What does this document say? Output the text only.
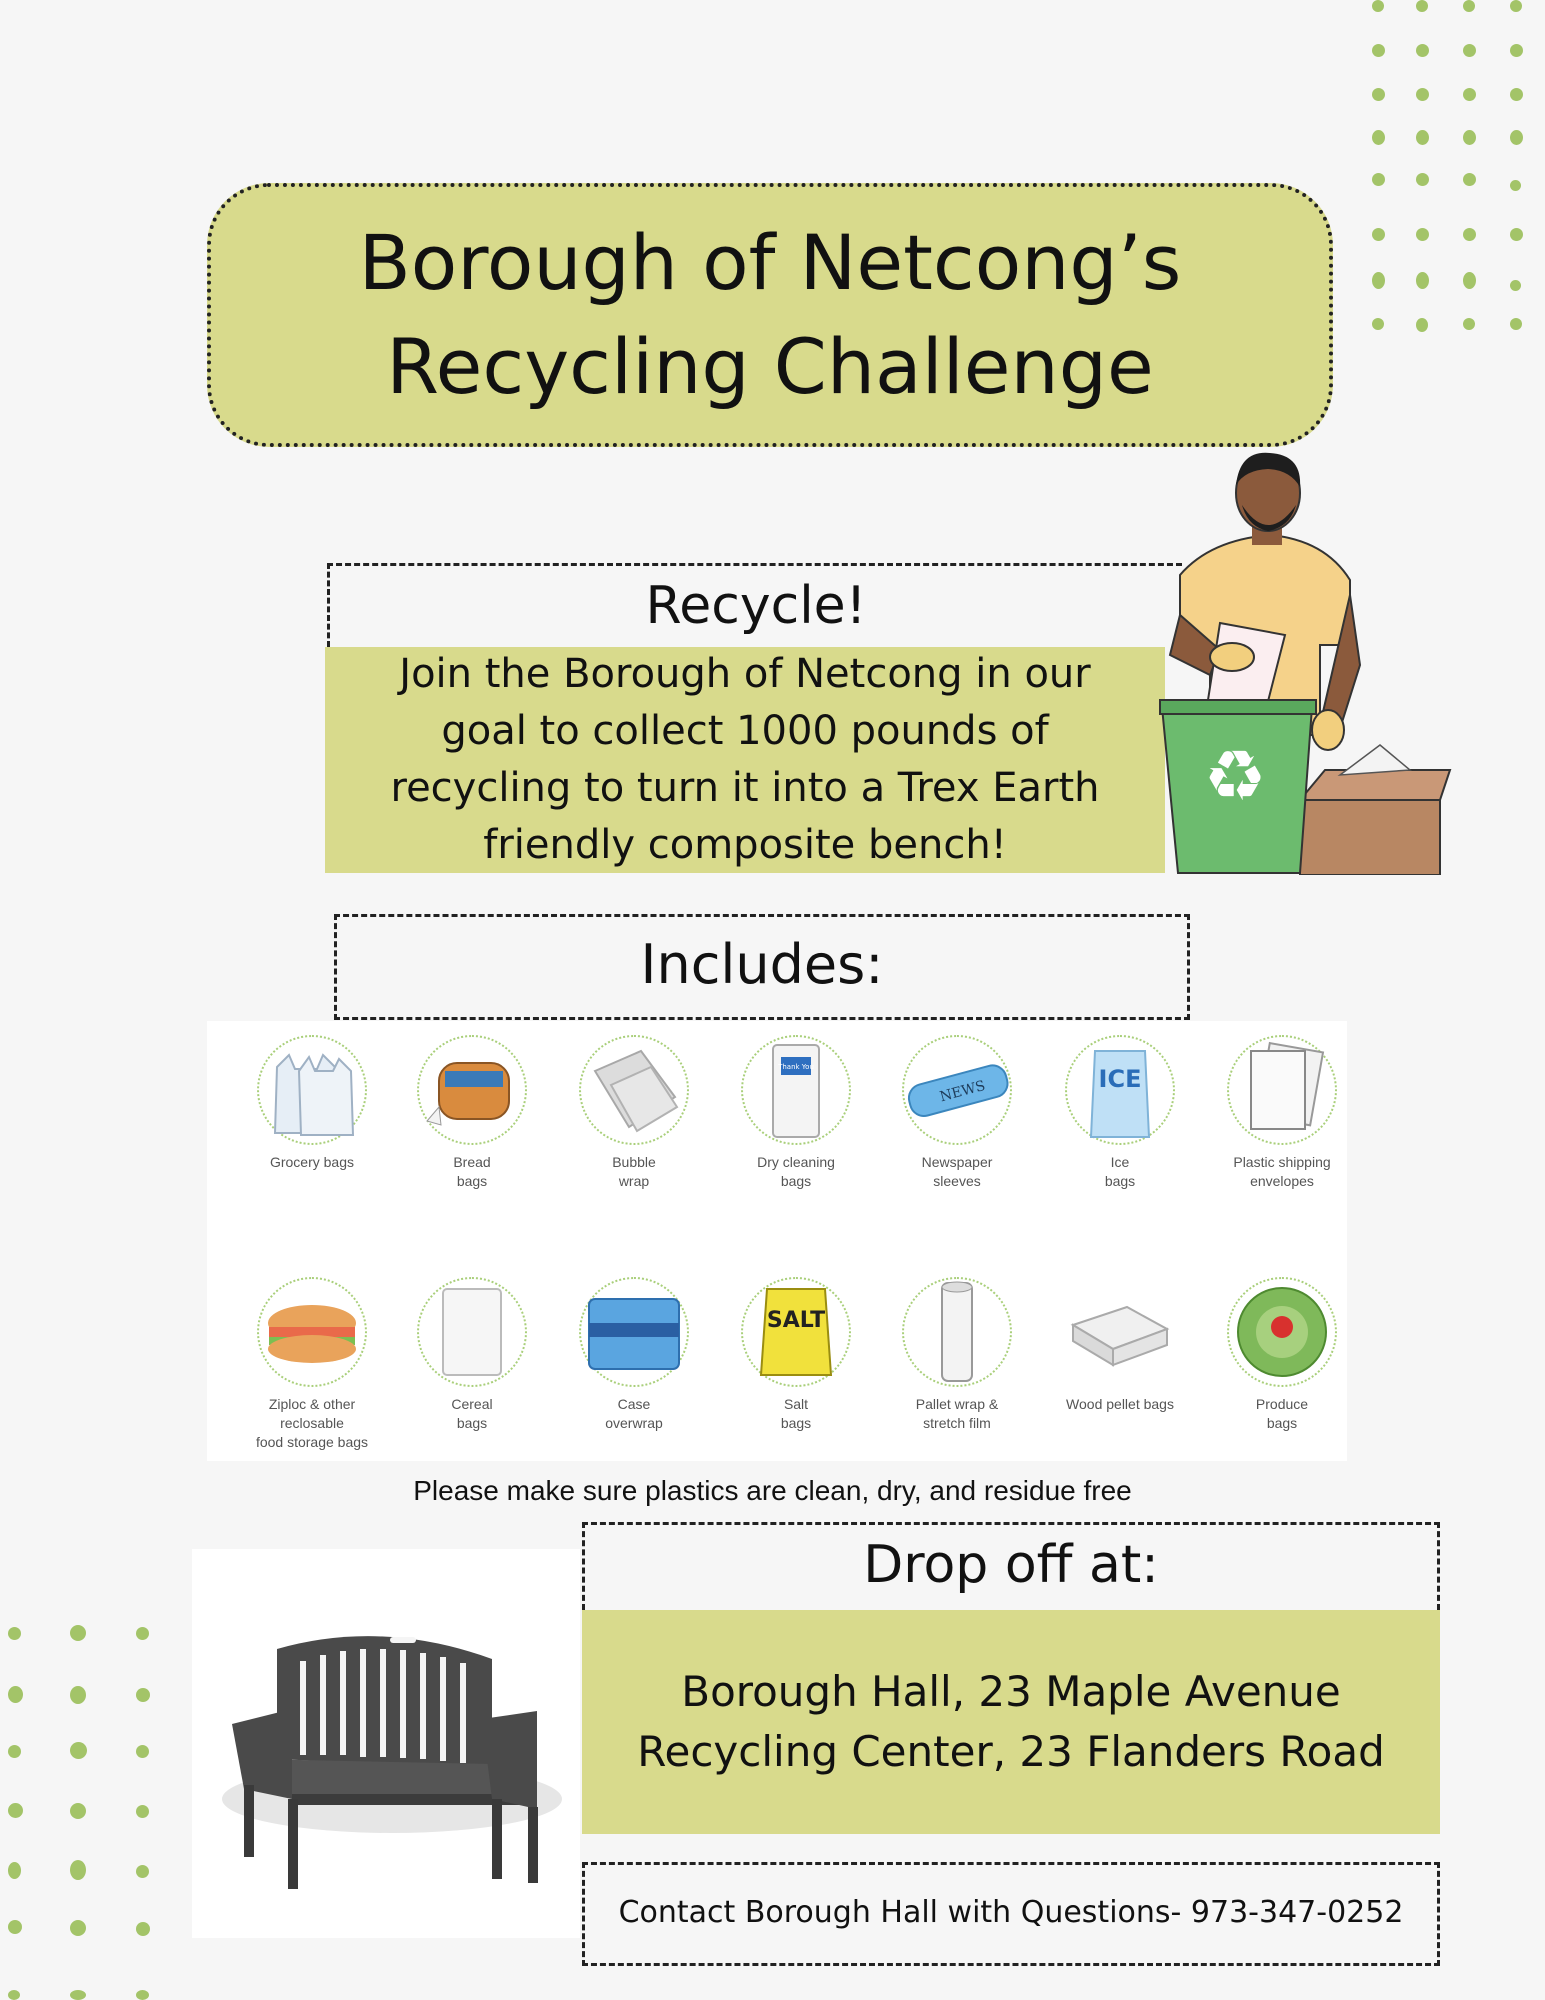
Borough of Netcong’s
Recycling Challenge
Recycle!
Join the Borough of Netcong in our
goal to collect 1000 pounds of
recycling to turn it into a Trex Earth
friendly composite bench!
♻
Includes:
Grocery bags	Bread
bags
Bubble
wrap
Thank You
Dry cleaning
bags
NEWS
Newspaper
sleeves
ICE
Ice
bags
Plastic shipping
envelopes
Ziploc & other reclosable
food storage bags
Cereal
bags
Case
overwrap
SALT
Salt
bags
Pallet wrap &
stretch film
Wood pellet bags	Produce
bags
Please make sure plastics are clean, dry, and residue free
Drop off at:
Borough Hall, 23 Maple Avenue
Recycling Center, 23 Flanders Road
Contact Borough Hall with Questions- 973-347-0252
